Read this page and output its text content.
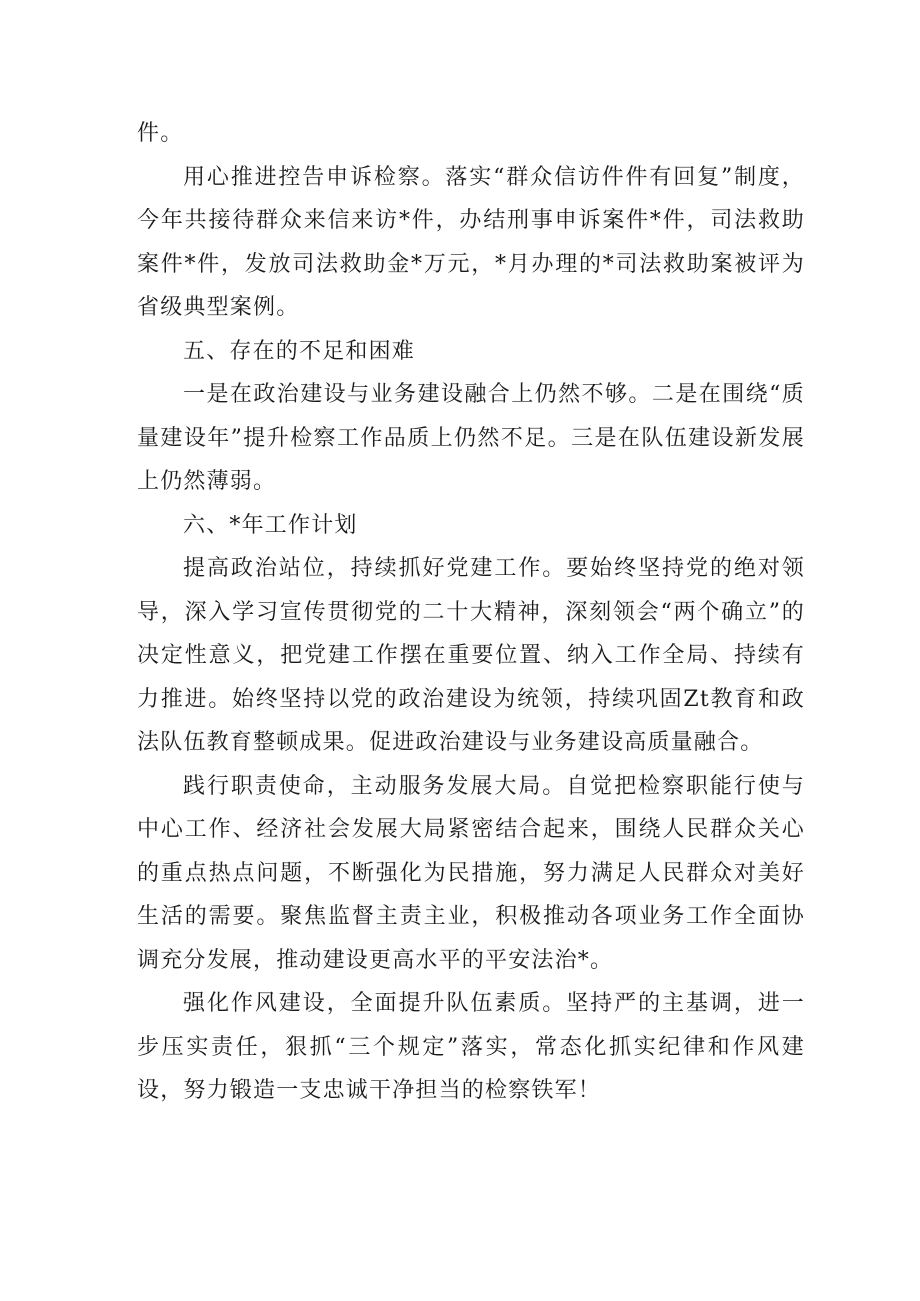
件。

用心推进控告申诉检察。落实“群众信访件件有回复”制度，今年共接待群众来信来访*件，办结刑事申诉案件*件，司法救助案件*件，发放司法救助金*万元，*月办理的*司法救助案被评为省级典型案例。

五、存在的不足和困难

一是在政治建设与业务建设融合上仍然不够。二是在围绕“质量建设年”提升检察工作品质上仍然不足。三是在队伍建设新发展上仍然薄弱。

六、*年工作计划

提高政治站位，持续抓好党建工作。要始终坚持党的绝对领导，深入学习宣传贯彻党的二十大精神，深刻领会“两个确立”的决定性意义，把党建工作摆在重要位置、纳入工作全局、持续有力推进。始终坚持以党的政治建设为统领，持续巩固Zt教育和政法队伍教育整顿成果。促进政治建设与业务建设高质量融合。

践行职责使命，主动服务发展大局。自觉把检察职能行使与中心工作、经济社会发展大局紧密结合起来，围绕人民群众关心的重点热点问题，不断强化为民措施，努力满足人民群众对美好生活的需要。聚焦监督主责主业，积极推动各项业务工作全面协调充分发展，推动建设更高水平的平安法治*。

强化作风建设，全面提升队伍素质。坚持严的主基调，进一步压实责任，狠抓“三个规定”落实，常态化抓实纪律和作风建设，努力锻造一支忠诚干净担当的检察铁军！
